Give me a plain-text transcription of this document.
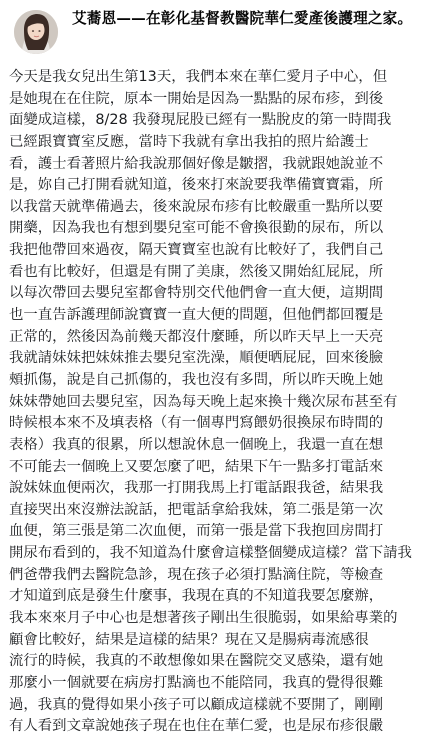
艾蕎恩——在彰化基督教醫院華仁愛產後護理之家。
今天是我女兒出生第13天，我們本來在華仁愛月子中心，但
是她現在在住院，原本一開始是因為一點點的尿布疹，到後
面變成這樣，8/28 我發現屁股已經有一點脫皮的第一時間我
已經跟寶寶室反應，當時下我就有拿出我拍的照片給護士
看，護士看著照片給我說那個好像是皺摺，我就跟她說並不
是，妳自己打開看就知道，後來打來說要我準備寶寶霜，所
以我當天就準備過去，後來說尿布疹有比較嚴重一點所以要
開藥，因為我也有想到嬰兒室可能不會換很勤的尿布，所以
我把他帶回來過夜，隔天寶寶室也說有比較好了，我們自己
看也有比較好，但還是有開了美康，然後又開始紅屁屁，所
以每次帶回去嬰兒室都會特別交代他們會一直大便，這期間
也一直告訴護理師說寶寶一直大便的問題，但他們都回覆是
正常的，然後因為前幾天都沒什麼睡，所以昨天早上一天亮
我就請妹妹把妹妹推去嬰兒室洗澡，順便晒屁屁，回來後臉
頰抓傷，說是自己抓傷的，我也沒有多問，所以昨天晚上她
妹妹帶她回去嬰兒室，因為每天晚上起來換十幾次尿布甚至有
時候根本來不及填表格（有一個專門寫餵奶很換尿布時間的
表格）我真的很累，所以想說休息一個晚上，我還一直在想
不可能去一個晚上又要怎麼了吧，結果下午一點多打電話來
說妹妹血便兩次，我那一打開我馬上打電話跟我爸，結果我
直接哭出來沒辦法說話，把電話拿給我妹，第二張是第一次
血便，第三張是第二次血便，而第一張是當下我抱回房間打
開尿布看到的，我不知道為什麼會這樣整個變成這樣？當下請我
們爸帶我們去醫院急診，現在孩子必須打點滴住院，等檢查
才知道到底是發生什麼事，我現在真的不知道我要怎麼辦，
我本來來月子中心也是想著孩子剛出生很脆弱，如果給專業的
顧會比較好，結果是這樣的結果？現在又是腸病毒流感很
流行的時候，我真的不敢想像如果在醫院交叉感染，還有她
那麼小一個就要在病房打點滴也不能陪同，我真的覺得很難
過，我真的覺得如果小孩子可以顧成這樣就不要開了，剛剛
有人看到文章說她孩子現在也住在華仁愛，也是尿布疹很嚴
